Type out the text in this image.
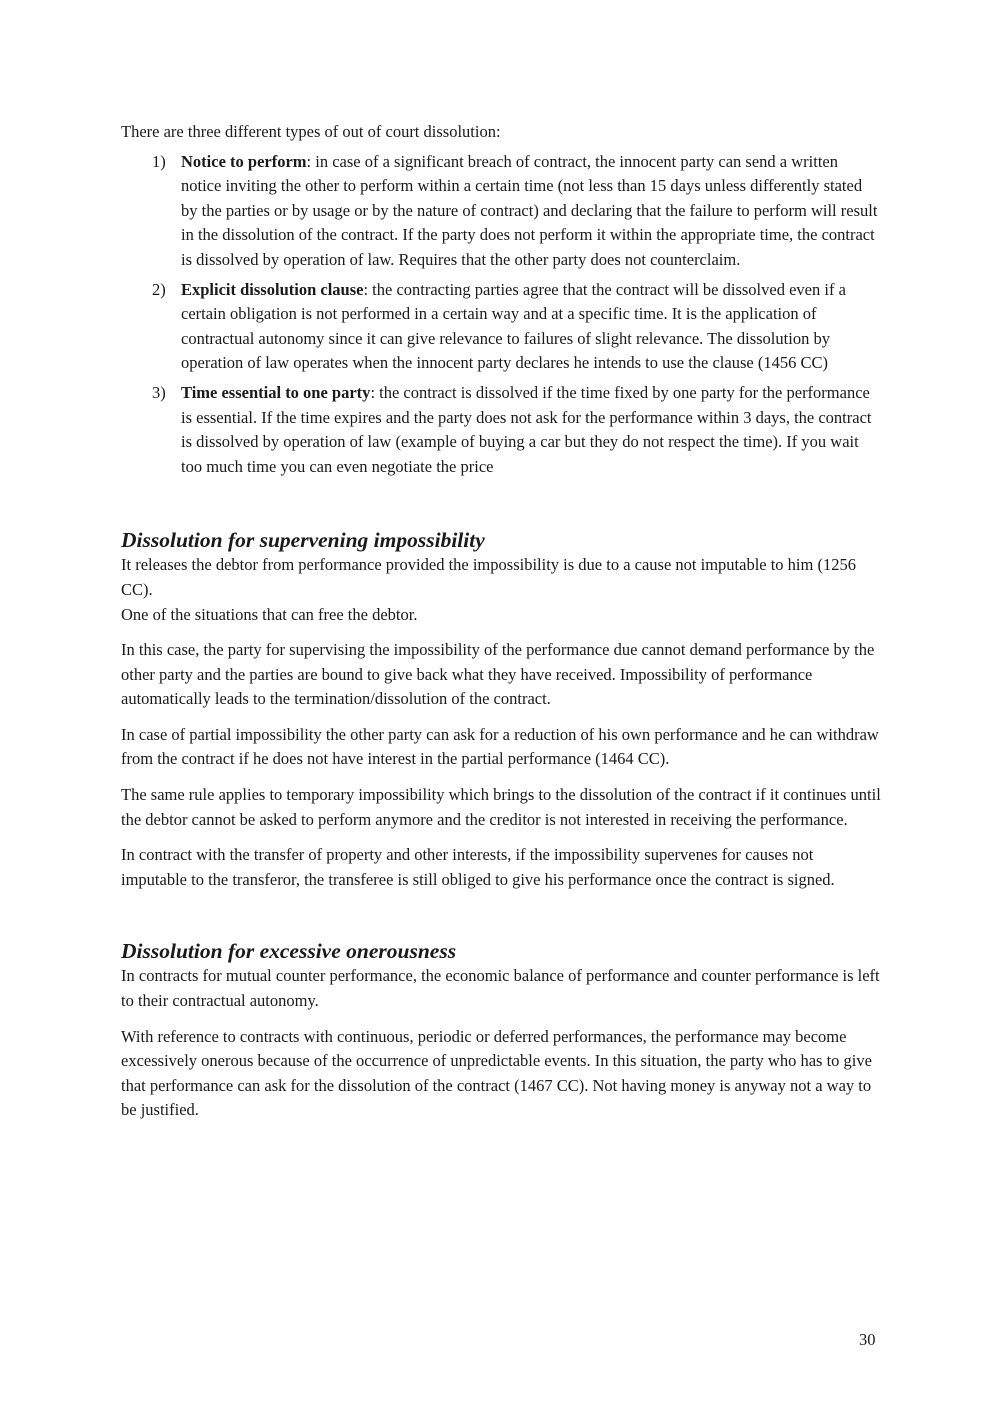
There are three different types of out of court dissolution:

1) Notice to perform: in case of a significant breach of contract, the innocent party can send a written notice inviting the other to perform within a certain time (not less than 15 days unless differently stated by the parties or by usage or by the nature of contract) and declaring that the failure to perform will result in the dissolution of the contract. If the party does not perform it within the appropriate time, the contract is dissolved by operation of law. Requires that the other party does not counterclaim.
2) Explicit dissolution clause: the contracting parties agree that the contract will be dissolved even if a certain obligation is not performed in a certain way and at a specific time. It is the application of contractual autonomy since it can give relevance to failures of slight relevance. The dissolution by operation of law operates when the innocent party declares he intends to use the clause (1456 CC)
3) Time essential to one party: the contract is dissolved if the time fixed by one party for the performance is essential. If the time expires and the party does not ask for the performance within 3 days, the contract is dissolved by operation of law (example of buying a car but they do not respect the time). If you wait too much time you can even negotiate the price
Dissolution for supervening impossibility

It releases the debtor from performance provided the impossibility is due to a cause not imputable to him (1256 CC).

One of the situations that can free the debtor.

In this case, the party for supervising the impossibility of the performance due cannot demand performance by the other party and the parties are bound to give back what they have received. Impossibility of performance automatically leads to the termination/dissolution of the contract.

In case of partial impossibility the other party can ask for a reduction of his own performance and he can withdraw from the contract if he does not have interest in the partial performance (1464 CC).

The same rule applies to temporary impossibility which brings to the dissolution of the contract if it continues until the debtor cannot be asked to perform anymore and the creditor is not interested in receiving the performance.

In contract with the transfer of property and other interests, if the impossibility supervenes for causes not imputable to the transferor, the transferee is still obliged to give his performance once the contract is signed.

Dissolution for excessive onerousness

In contracts for mutual counter performance, the economic balance of performance and counter performance is left to their contractual autonomy.

With reference to contracts with continuous, periodic or deferred performances, the performance may become excessively onerous because of the occurrence of unpredictable events. In this situation, the party who has to give that performance can ask for the dissolution of the contract (1467 CC). Not having money is anyway not a way to be justified.

30
